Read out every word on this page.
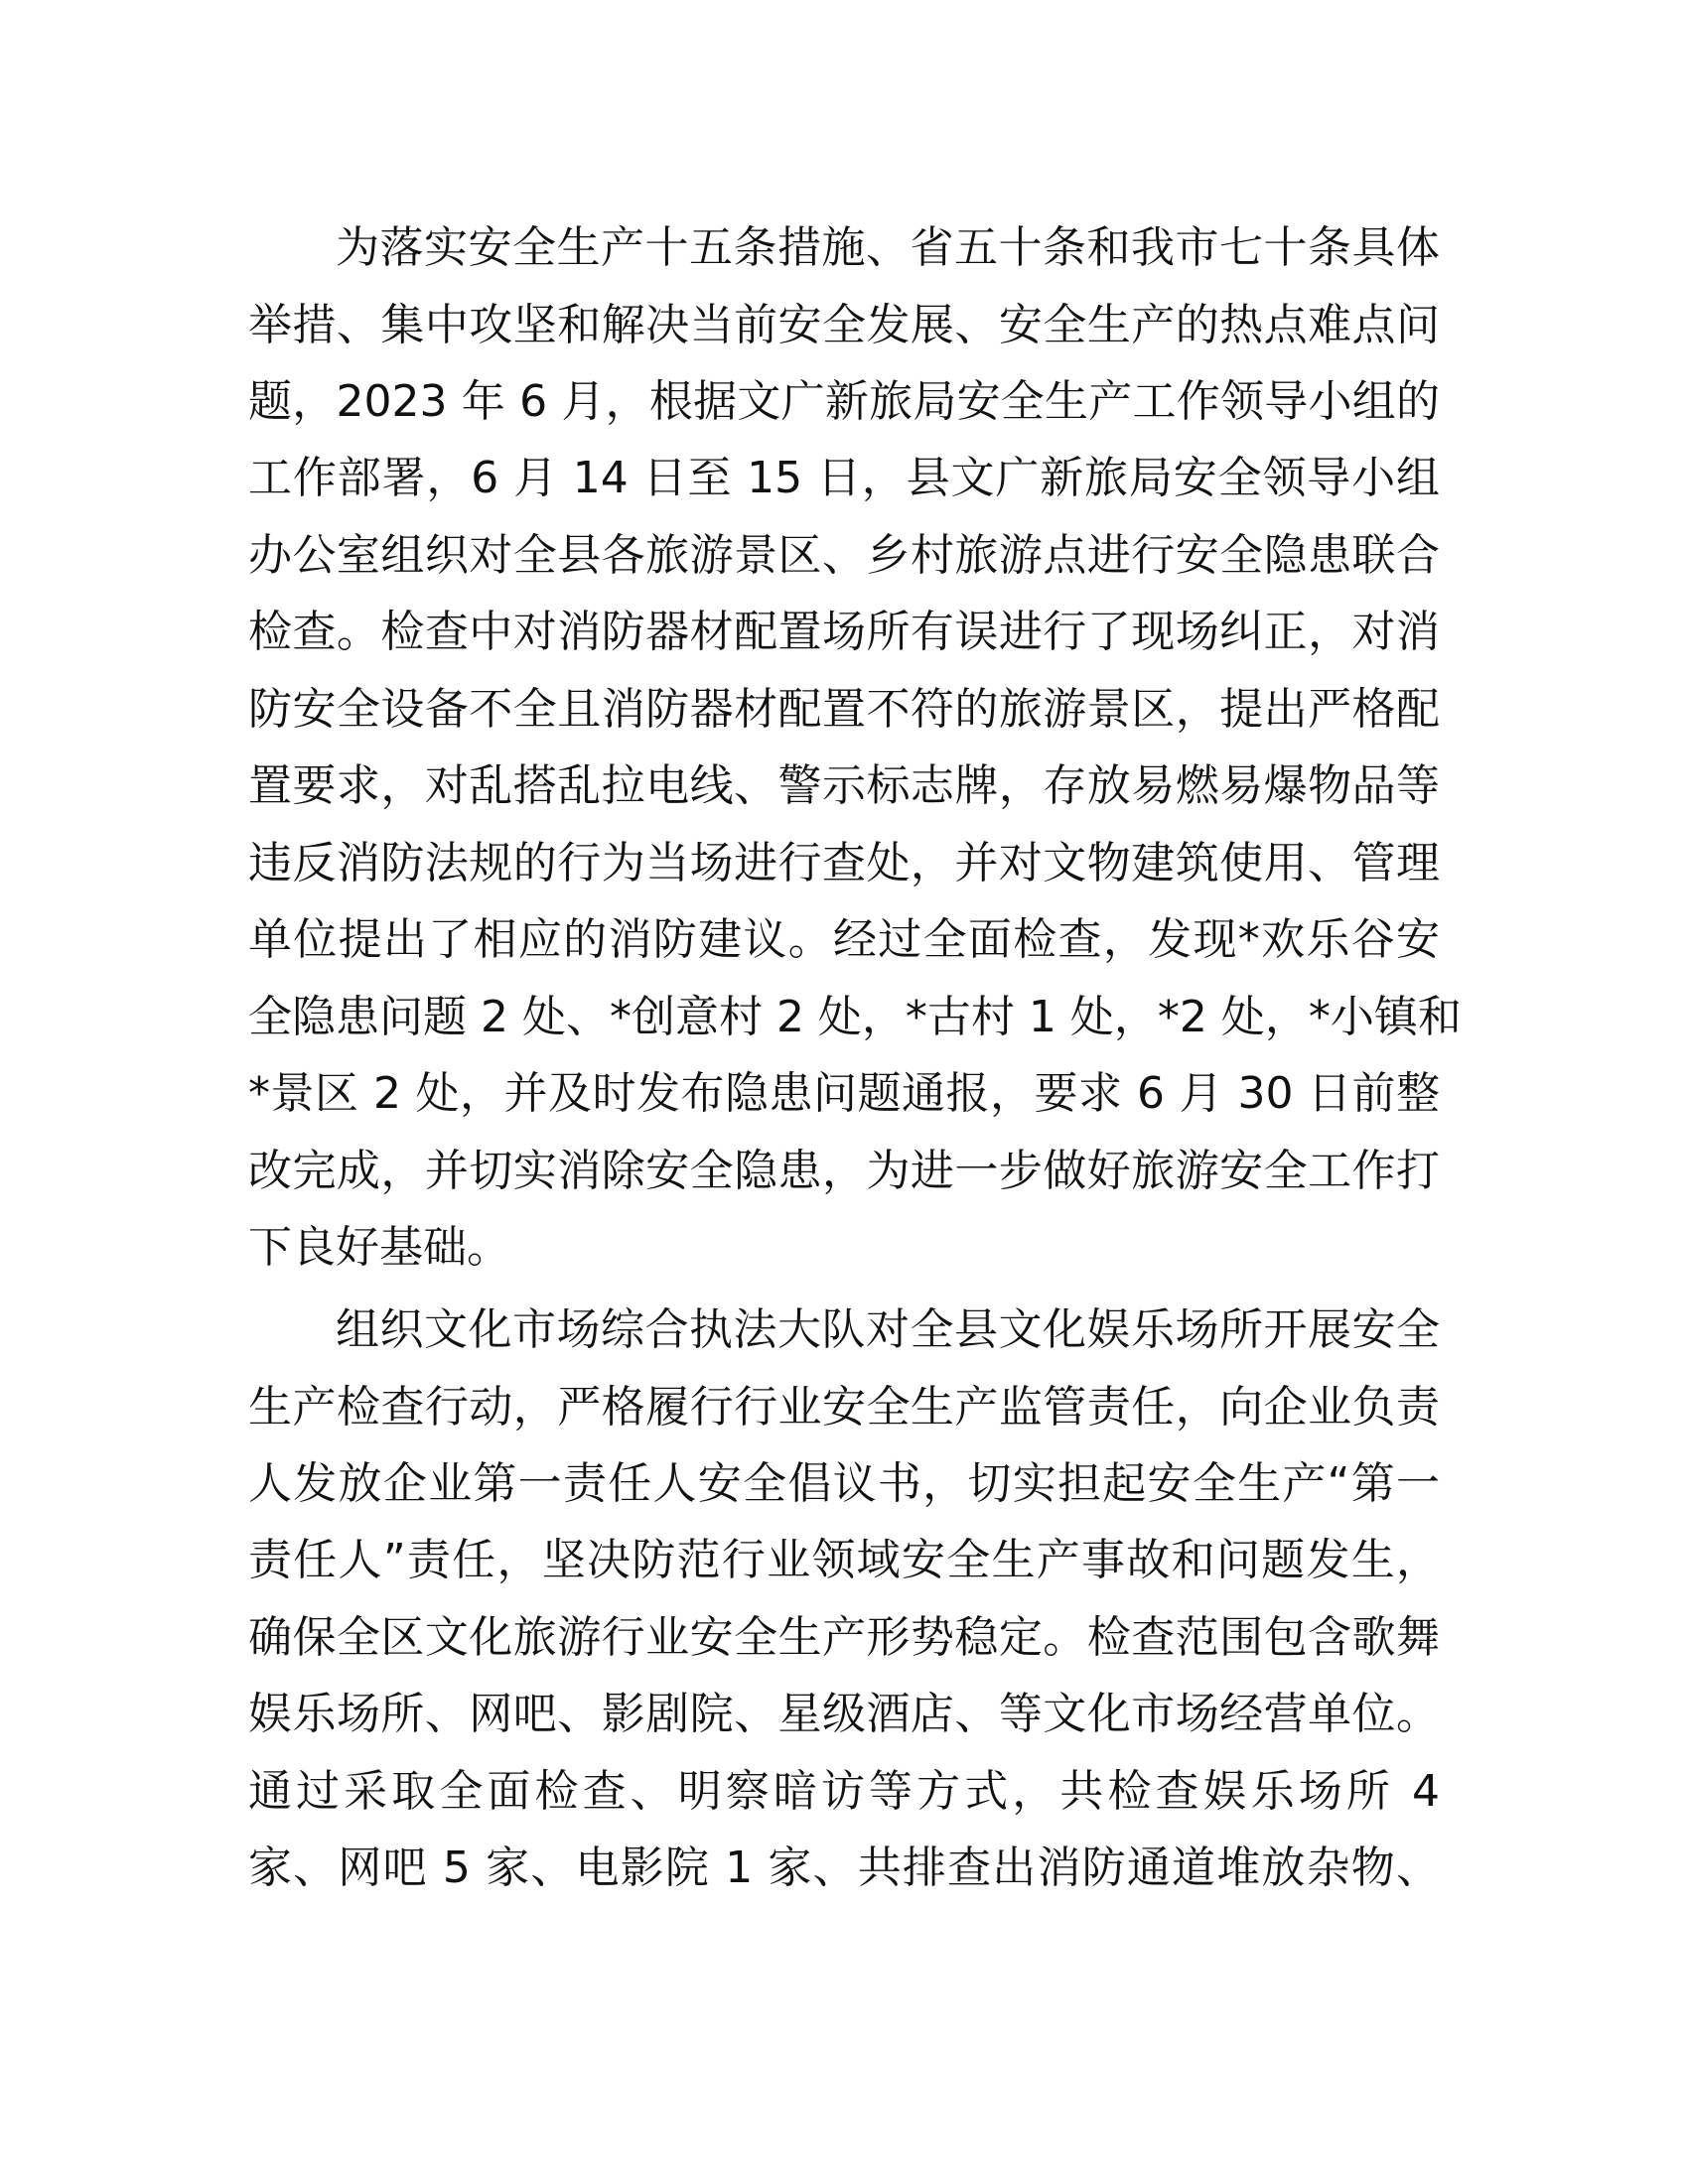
为落实安全生产十五条措施、省五十条和我市七十条具体
举措、集中攻坚和解决当前安全发展、安全生产的热点难点问
题，2023 年 6 月，根据文广新旅局安全生产工作领导小组的
工作部署，6 月 14 日至 15 日，县文广新旅局安全领导小组
办公室组织对全县各旅游景区、乡村旅游点进行安全隐患联合
检查。检查中对消防器材配置场所有误进行了现场纠正，对消
防安全设备不全且消防器材配置不符的旅游景区，提出严格配
置要求，对乱搭乱拉电线、警示标志牌，存放易燃易爆物品等
违反消防法规的行为当场进行查处，并对文物建筑使用、管理
单位提出了相应的消防建议。经过全面检查，发现*欢乐谷安
全隐患问题 2 处、*创意村 2 处，*古村 1 处，*2 处，*小镇和
*景区 2 处，并及时发布隐患问题通报，要求 6 月 30 日前整
改完成，并切实消除安全隐患，为进一步做好旅游安全工作打
下良好基础。
组织文化市场综合执法大队对全县文化娱乐场所开展安全
生产检查行动，严格履行行业安全生产监管责任，向企业负责
人发放企业第一责任人安全倡议书，切实担起安全生产“第一
责任人”责任，坚决防范行业领域安全生产事故和问题发生，
确保全区文化旅游行业安全生产形势稳定。检查范围包含歌舞
娱乐场所、网吧、影剧院、星级酒店、等文化市场经营单位。
通过采取全面检查、明察暗访等方式，共检查娱乐场所 4
家、网吧 5 家、电影院 1 家、共排查出消防通道堆放杂物、
